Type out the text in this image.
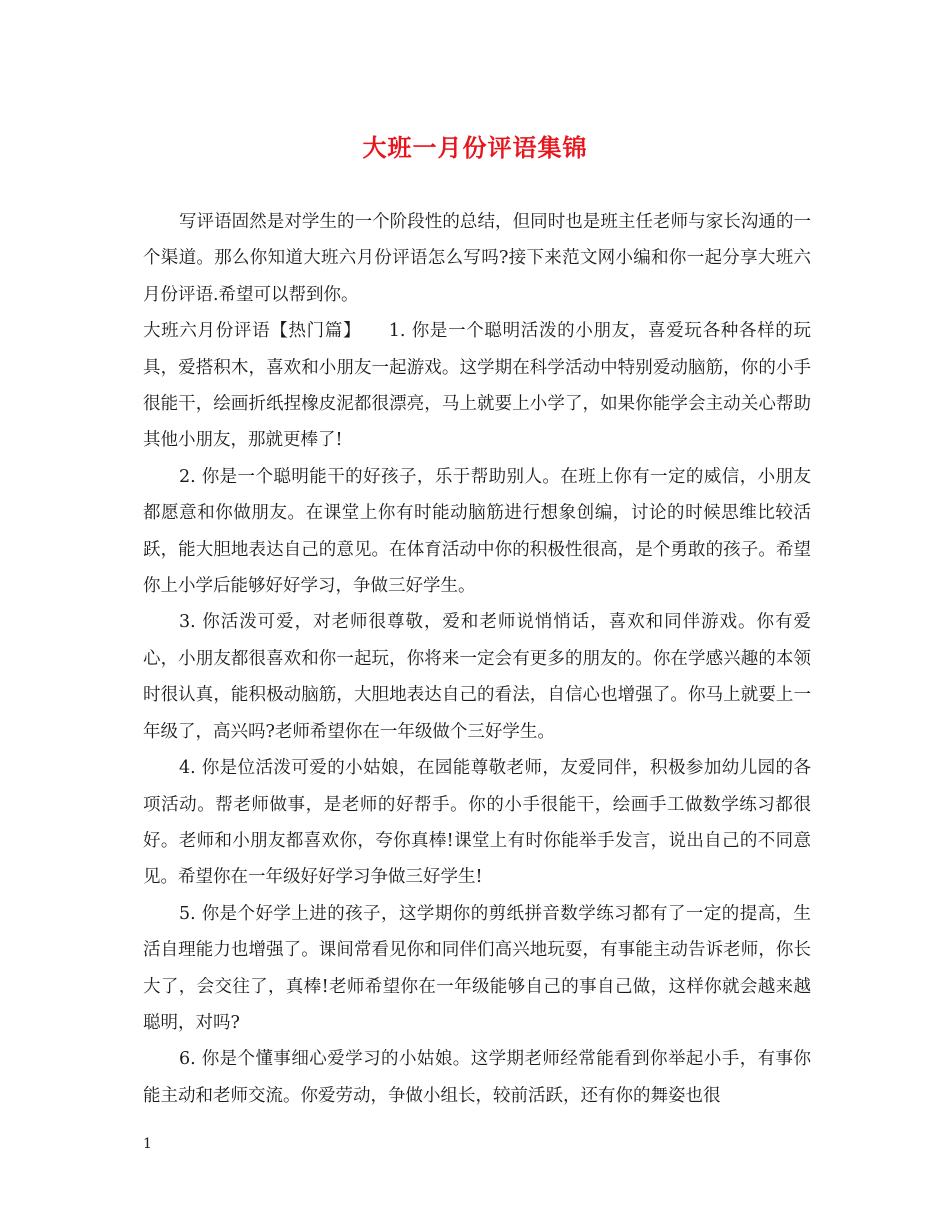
大班一月份评语集锦

写评语固然是对学生的一个阶段性的总结，但同时也是班主任老师与家长沟通的一个渠道。那么你知道大班六月份评语怎么写吗?接下来范文网小编和你一起分享大班六月份评语.希望可以帮到你。

大班六月份评语【热门篇】　　1. 你是一个聪明活泼的小朋友，喜爱玩各种各样的玩具，爱搭积木，喜欢和小朋友一起游戏。这学期在科学活动中特别爱动脑筋，你的小手很能干，绘画折纸捏橡皮泥都很漂亮，马上就要上小学了，如果你能学会主动关心帮助其他小朋友，那就更棒了!

2. 你是一个聪明能干的好孩子，乐于帮助别人。在班上你有一定的威信，小朋友都愿意和你做朋友。在课堂上你有时能动脑筋进行想象创编，讨论的时候思维比较活跃，能大胆地表达自己的意见。在体育活动中你的积极性很高，是个勇敢的孩子。希望你上小学后能够好好学习，争做三好学生。

3. 你活泼可爱，对老师很尊敬，爱和老师说悄悄话，喜欢和同伴游戏。你有爱心，小朋友都很喜欢和你一起玩，你将来一定会有更多的朋友的。你在学感兴趣的本领时很认真，能积极动脑筋，大胆地表达自己的看法，自信心也增强了。你马上就要上一年级了，高兴吗?老师希望你在一年级做个三好学生。

4. 你是位活泼可爱的小姑娘，在园能尊敬老师，友爱同伴，积极参加幼儿园的各项活动。帮老师做事，是老师的好帮手。你的小手很能干，绘画手工做数学练习都很好。老师和小朋友都喜欢你，夸你真棒!课堂上有时你能举手发言，说出自己的不同意见。希望你在一年级好好学习争做三好学生!

5. 你是个好学上进的孩子，这学期你的剪纸拼音数学练习都有了一定的提高，生活自理能力也增强了。课间常看见你和同伴们高兴地玩耍，有事能主动告诉老师，你长大了，会交往了，真棒!老师希望你在一年级能够自己的事自己做，这样你就会越来越聪明，对吗?

6. 你是个懂事细心爱学习的小姑娘。这学期老师经常能看到你举起小手，有事你能主动和老师交流。你爱劳动，争做小组长，较前活跃，还有你的舞姿也很

1
